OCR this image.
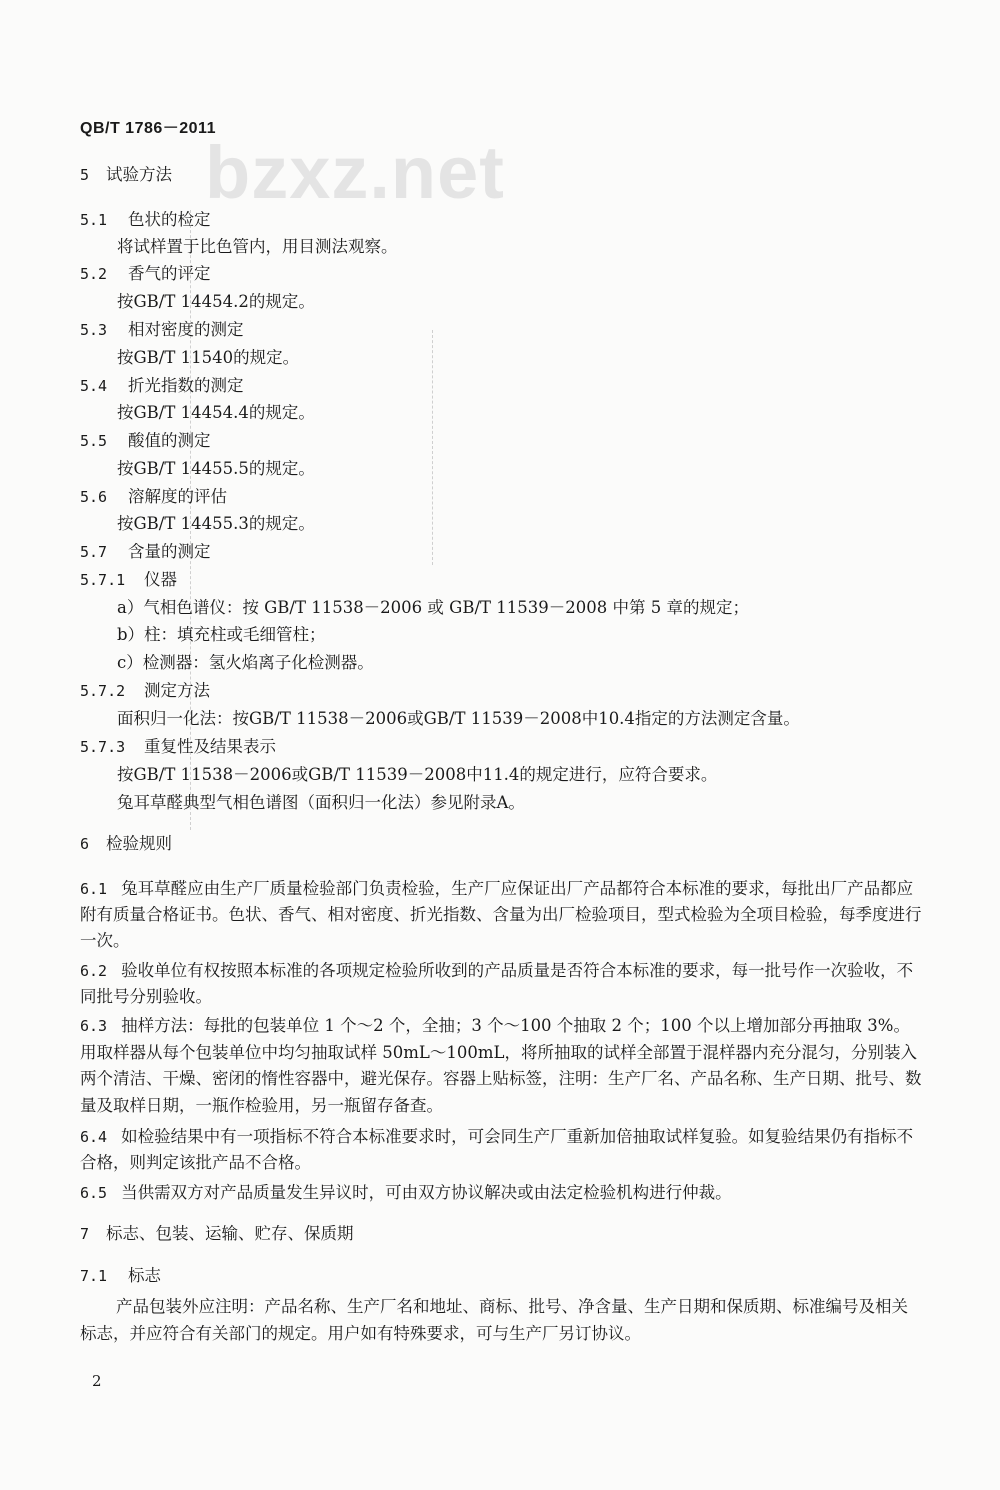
bzxz.net
QB/T 1786－2011
5 试验方法
5.1 色状的检定
将试样置于比色管内，用目测法观察。
5.2 香气的评定
按GB/T 14454.2的规定。
5.3 相对密度的测定
按GB/T 11540的规定。
5.4 折光指数的测定
按GB/T 14454.4的规定。
5.5 酸值的测定
按GB/T 14455.5的规定。
5.6 溶解度的评估
按GB/T 14455.3的规定。
5.7 含量的测定
5.7.1 仪器
a）气相色谱仪：按 GB/T 11538－2006 或 GB/T 11539－2008 中第 5 章的规定；
b）柱：填充柱或毛细管柱；
c）检测器：氢火焰离子化检测器。
5.7.2 测定方法
面积归一化法：按GB/T 11538－2006或GB/T 11539－2008中10.4指定的方法测定含量。
5.7.3 重复性及结果表示
按GB/T 11538－2006或GB/T 11539－2008中11.4的规定进行，应符合要求。
兔耳草醛典型气相色谱图（面积归一化法）参见附录A。
6 检验规则
6.1 兔耳草醛应由生产厂质量检验部门负责检验，生产厂应保证出厂产品都符合本标准的要求，每批出厂产品都应附有质量合格证书。色状、香气、相对密度、折光指数、含量为出厂检验项目，型式检验为全项目检验，每季度进行一次。
6.2 验收单位有权按照本标准的各项规定检验所收到的产品质量是否符合本标准的要求，每一批号作一次验收，不同批号分别验收。
6.3 抽样方法：每批的包装单位 1 个～2 个，全抽；3 个～100 个抽取 2 个；100 个以上增加部分再抽取 3%。用取样器从每个包装单位中均匀抽取试样 50mL～100mL，将所抽取的试样全部置于混样器内充分混匀，分别装入两个清洁、干燥、密闭的惰性容器中，避光保存。容器上贴标签，注明：生产厂名、产品名称、生产日期、批号、数量及取样日期，一瓶作检验用，另一瓶留存备查。
6.4 如检验结果中有一项指标不符合本标准要求时，可会同生产厂重新加倍抽取试样复验。如复验结果仍有指标不合格，则判定该批产品不合格。
6.5 当供需双方对产品质量发生异议时，可由双方协议解决或由法定检验机构进行仲裁。
7 标志、包装、运输、贮存、保质期
7.1 标志
产品包装外应注明：产品名称、生产厂名和地址、商标、批号、净含量、生产日期和保质期、标准编号及相关标志，并应符合有关部门的规定。用户如有特殊要求，可与生产厂另订协议。
2
